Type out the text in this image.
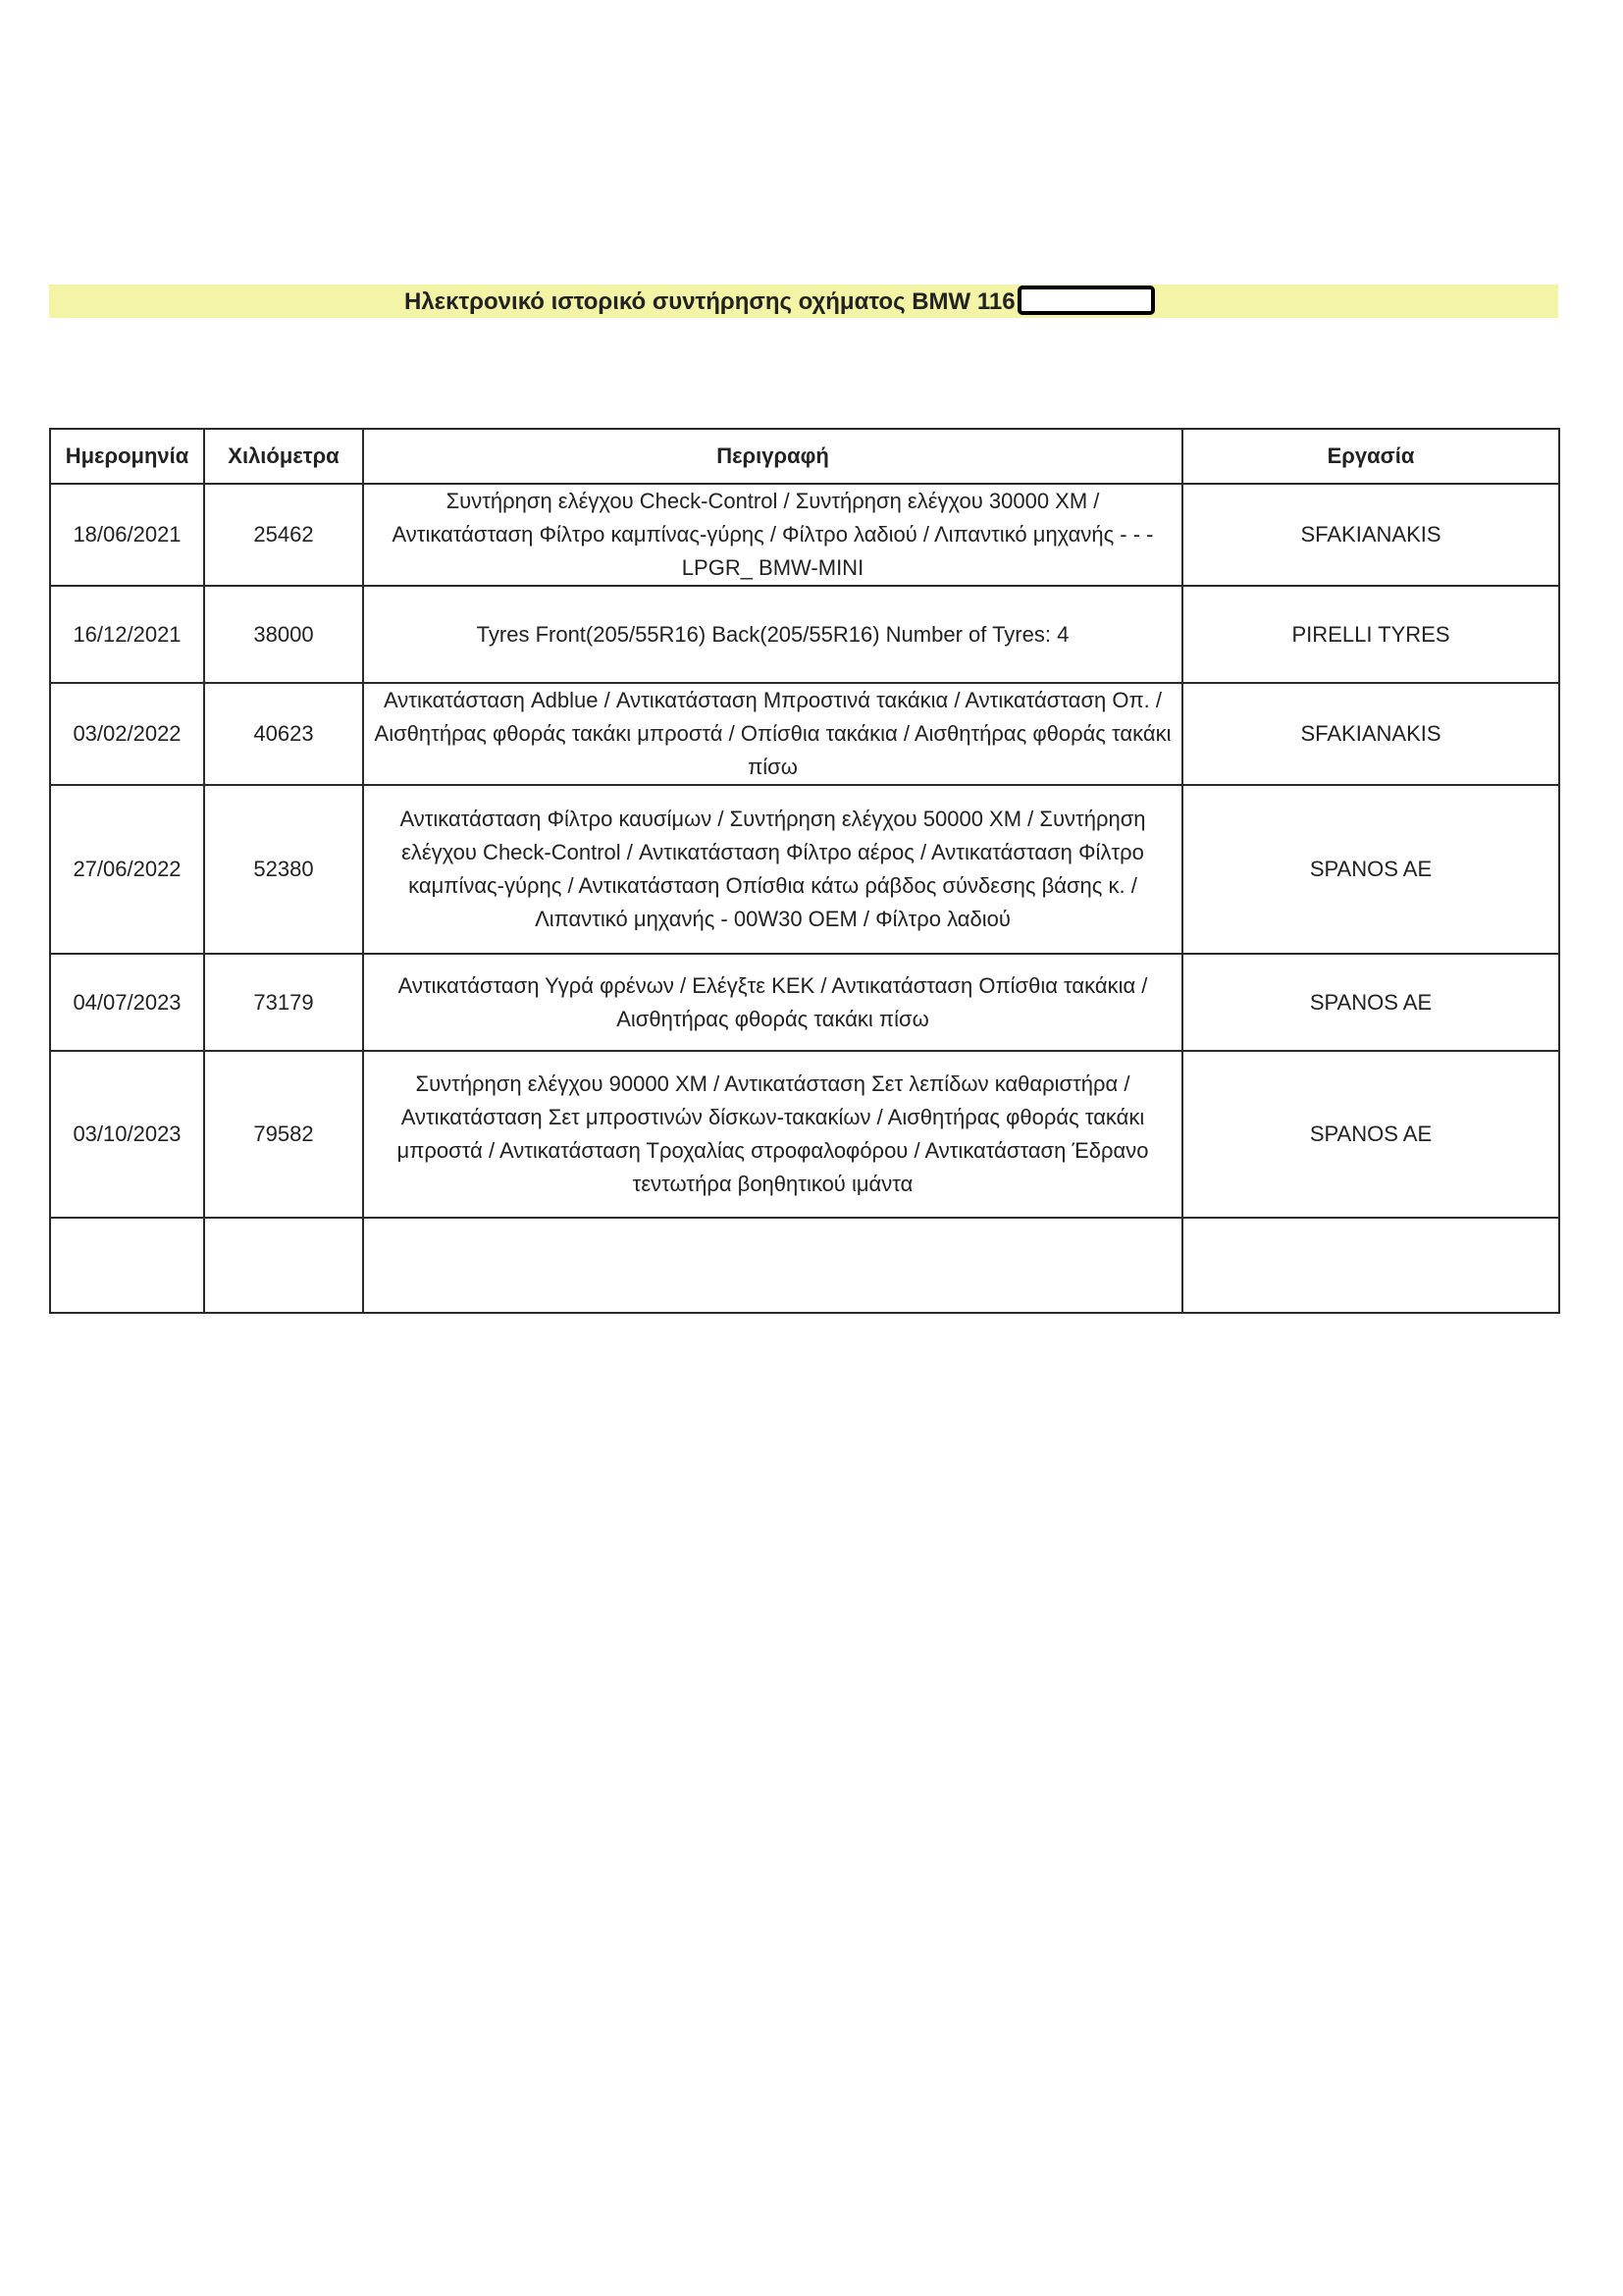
Ηλεκτρονικό ιστορικό συντήρησης οχήματος BMW 116
Ημερομηνία	Χιλιόμετρα	Περιγραφή	Εργασία
18/06/2021	25462	Συντήρηση ελέγχου Check-Control / Συντήρηση ελέγχου 30000 ΧΜ / Αντικατάσταση Φίλτρο καμπίνας-γύρης / Φίλτρο λαδιού / Λιπαντικό μηχανής - - - LPGR_ BMW-MINI	SFAKIANAKIS
16/12/2021	38000	Tyres Front(205/55R16) Back(205/55R16) Number of Tyres: 4	PIRELLI TYRES
03/02/2022	40623	Αντικατάσταση Adblue / Αντικατάσταση Μπροστινά τακάκια / Αντικατάσταση Οπ. / Αισθητήρας φθοράς τακάκι μπροστά / Οπίσθια τακάκια / Αισθητήρας φθοράς τακάκι πίσω	SFAKIANAKIS
27/06/2022	52380	Αντικατάσταση Φίλτρο καυσίμων / Συντήρηση ελέγχου 50000 ΧΜ / Συντήρηση ελέγχου Check-Control / Αντικατάσταση Φίλτρο αέρος / Αντικατάσταση Φίλτρο καμπίνας-γύρης / Αντικατάσταση Οπίσθια κάτω ράβδος σύνδεσης βάσης κ. / Λιπαντικό μηχανής - 00W30 OEM / Φίλτρο λαδιού	SPANOS AE
04/07/2023	73179	Αντικατάσταση Υγρά φρένων / Ελέγξτε ΚΕΚ / Αντικατάσταση Οπίσθια τακάκια / Αισθητήρας φθοράς τακάκι πίσω	SPANOS AE
03/10/2023	79582	Συντήρηση ελέγχου 90000 ΧΜ / Αντικατάσταση Σετ λεπίδων καθαριστήρα / Αντικατάσταση Σετ μπροστινών δίσκων-τακακίων / Αισθητήρας φθοράς τακάκι μπροστά / Αντικατάσταση Τροχαλίας στροφαλοφόρου / Αντικατάσταση Έδρανο τεντωτήρα βοηθητικού ιμάντα	SPANOS AE
